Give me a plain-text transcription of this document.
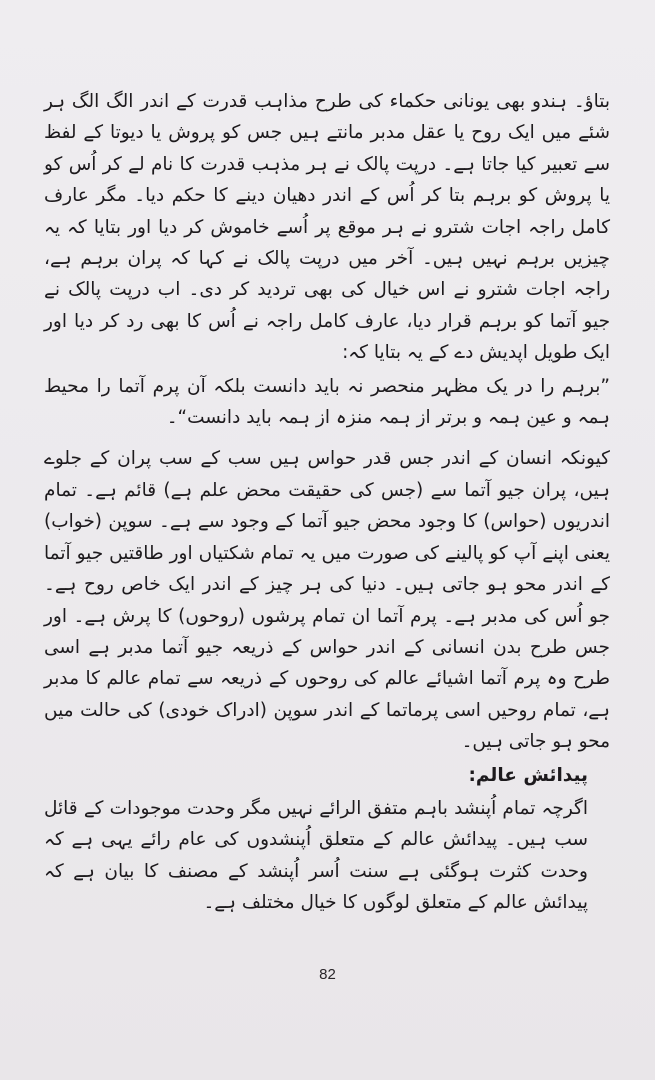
بتاؤ۔ ہندو بھی یونانی حکماء کی طرح مذاہب قدرت کے اندر الگ الگ ہر شئے میں ایک روح یا عقل مدبر مانتے ہیں جس کو پروش یا دیوتا کے لفظ سے تعبیر کیا جاتا ہے۔ درپت پالک نے ہر مذہب قدرت کا نام لے کر اُس کو یا پروش کو برہم بتا کر اُس کے اندر دھیان دینے کا حکم دیا۔ مگر عارف کامل راجہ اجات شترو نے ہر موقع پر اُسے خاموش کر دیا اور بتایا کہ یہ چیزیں برہم نہیں ہیں۔ آخر میں درپت پالک نے کہا کہ پران برہم ہے، راجہ اجات شترو نے اس خیال کی بھی تردید کر دی۔ اب درپت پالک نے جیو آتما کو برہم قرار دیا، عارف کامل راجہ نے اُس کا بھی رد کر دیا اور ایک طویل اپدیش دے کے یہ بتایا کہ:

”برہم را در یک مظہر منحصر نہ باید دانست بلکہ آن پرم آتما را محیط ہمہ و عین ہمہ و برتر از ہمہ منزہ از ہمہ باید دانست“۔

کیونکہ انسان کے اندر جس قدر حواس ہیں سب کے سب پران کے جلوے ہیں، پران جیو آتما سے (جس کی حقیقت محض علم ہے) قائم ہے۔ تمام اندریوں (حواس) کا وجود محض جیو آتما کے وجود سے ہے۔ سوپن (خواب) یعنی اپنے آپ کو پالینے کی صورت میں یہ تمام شکتیاں اور طاقتیں جیو آتما کے اندر محو ہو جاتی ہیں۔ دنیا کی ہر چیز کے اندر ایک خاص روح ہے۔ جو اُس کی مدبر ہے۔ پرم آتما ان تمام پرشوں (روحوں) کا پرش ہے۔ اور جس طرح بدن انسانی کے اندر حواس کے ذریعہ جیو آتما مدبر ہے اسی طرح وہ پرم آتما اشیائے عالم کی روحوں کے ذریعہ سے تمام عالم کا مدبر ہے، تمام روحیں اسی پرماتما کے اندر سوپن (ادراک خودی) کی حالت میں محو ہو جاتی ہیں۔

پیدائش عالم:

اگرچہ تمام اُپنشد باہم متفق الرائے نہیں مگر وحدت موجودات کے قائل سب ہیں۔ پیدائش عالم کے متعلق اُپنشدوں کی عام رائے یہی ہے کہ وحدت کثرت ہوگئی ہے سنت اُسر اُپنشد کے مصنف کا بیان ہے کہ پیدائش عالم کے متعلق لوگوں کا خیال مختلف ہے۔

82
